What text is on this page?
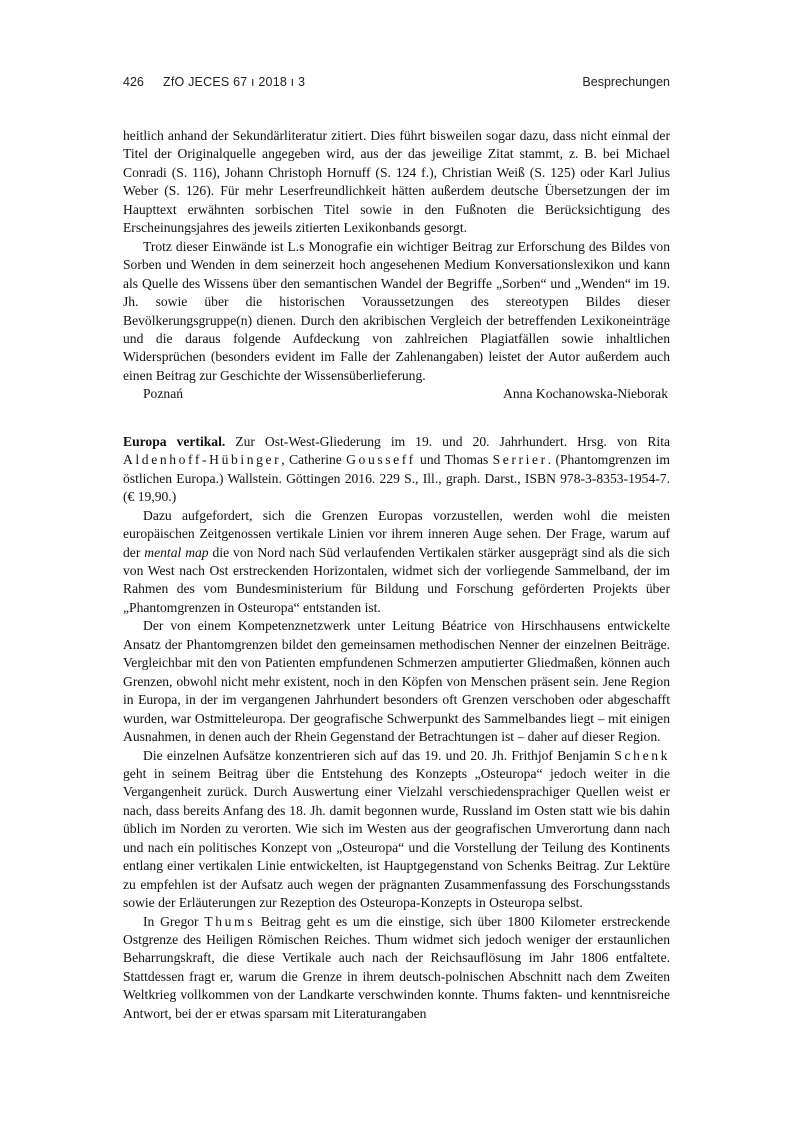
426	ZfO JECES 67 ı 2018 ı 3	Besprechungen

heitlich anhand der Sekundärliteratur zitiert. Dies führt bisweilen sogar dazu, dass nicht einmal der Titel der Originalquelle angegeben wird, aus der das jeweilige Zitat stammt, z. B. bei Michael Conradi (S. 116), Johann Christoph Hornuff (S. 124 f.), Christian Weiß (S. 125) oder Karl Julius Weber (S. 126). Für mehr Leserfreundlichkeit hätten außerdem deutsche Übersetzungen der im Haupttext erwähnten sorbischen Titel sowie in den Fußnoten die Berücksichtigung des Erscheinungsjahres des jeweils zitierten Lexikonbands gesorgt.

Trotz dieser Einwände ist L.s Monografie ein wichtiger Beitrag zur Erforschung des Bildes von Sorben und Wenden in dem seinerzeit hoch angesehenen Medium Konversationslexikon und kann als Quelle des Wissens über den semantischen Wandel der Begriffe „Sorben“ und „Wenden“ im 19. Jh. sowie über die historischen Voraussetzungen des stereotypen Bildes dieser Bevölkerungsgruppe(n) dienen. Durch den akribischen Vergleich der betreffenden Lexikoneinträge und die daraus folgende Aufdeckung von zahlreichen Plagiatfällen sowie inhaltlichen Widersprüchen (besonders evident im Falle der Zahlenangaben) leistet der Autor außerdem auch einen Beitrag zur Geschichte der Wissensüberlieferung.

Poznań	Anna Kochanowska-Nieborak

Europa vertikal. Zur Ost-West-Gliederung im 19. und 20. Jahrhundert. Hrsg. von Rita Aldenhoff-Hübinger, Catherine Gousseff und Thomas Serrier. (Phantomgrenzen im östlichen Europa.) Wallstein. Göttingen 2016. 229 S., Ill., graph. Darst., ISBN 978-3-8353-1954-7. (€ 19,90.)

Dazu aufgefordert, sich die Grenzen Europas vorzustellen, werden wohl die meisten europäischen Zeitgenossen vertikale Linien vor ihrem inneren Auge sehen. Der Frage, warum auf der mental map die von Nord nach Süd verlaufenden Vertikalen stärker ausgeprägt sind als die sich von West nach Ost erstreckenden Horizontalen, widmet sich der vorliegende Sammelband, der im Rahmen des vom Bundesministerium für Bildung und Forschung geförderten Projekts über „Phantomgrenzen in Osteuropa“ entstanden ist.

Der von einem Kompetenznetzwerk unter Leitung Béatrice von Hirschhausens entwickelte Ansatz der Phantomgrenzen bildet den gemeinsamen methodischen Nenner der einzelnen Beiträge. Vergleichbar mit den von Patienten empfundenen Schmerzen amputierter Gliedmaßen, können auch Grenzen, obwohl nicht mehr existent, noch in den Köpfen von Menschen präsent sein. Jene Region in Europa, in der im vergangenen Jahrhundert besonders oft Grenzen verschoben oder abgeschafft wurden, war Ostmitteleuropa. Der geografische Schwerpunkt des Sammelbandes liegt – mit einigen Ausnahmen, in denen auch der Rhein Gegenstand der Betrachtungen ist – daher auf dieser Region.

Die einzelnen Aufsätze konzentrieren sich auf das 19. und 20. Jh. Frithjof Benjamin Schenk geht in seinem Beitrag über die Entstehung des Konzepts „Osteuropa“ jedoch weiter in die Vergangenheit zurück. Durch Auswertung einer Vielzahl verschiedensprachiger Quellen weist er nach, dass bereits Anfang des 18. Jh. damit begonnen wurde, Russland im Osten statt wie bis dahin üblich im Norden zu verorten. Wie sich im Westen aus der geografischen Umverortung dann nach und nach ein politisches Konzept von „Osteuropa“ und die Vorstellung der Teilung des Kontinents entlang einer vertikalen Linie entwickelten, ist Hauptgegenstand von Schenks Beitrag. Zur Lektüre zu empfehlen ist der Aufsatz auch wegen der prägnanten Zusammenfassung des Forschungsstands sowie der Erläuterungen zur Rezeption des Osteuropa-Konzepts in Osteuropa selbst.

In Gregor Thums Beitrag geht es um die einstige, sich über 1800 Kilometer erstreckende Ostgrenze des Heiligen Römischen Reiches. Thum widmet sich jedoch weniger der erstaunlichen Beharrungskraft, die diese Vertikale auch nach der Reichsauflösung im Jahr 1806 entfaltete. Stattdessen fragt er, warum die Grenze in ihrem deutsch-polnischen Abschnitt nach dem Zweiten Weltkrieg vollkommen von der Landkarte verschwinden konnte. Thums fakten- und kenntnisreiche Antwort, bei der er etwas sparsam mit Literaturangaben
